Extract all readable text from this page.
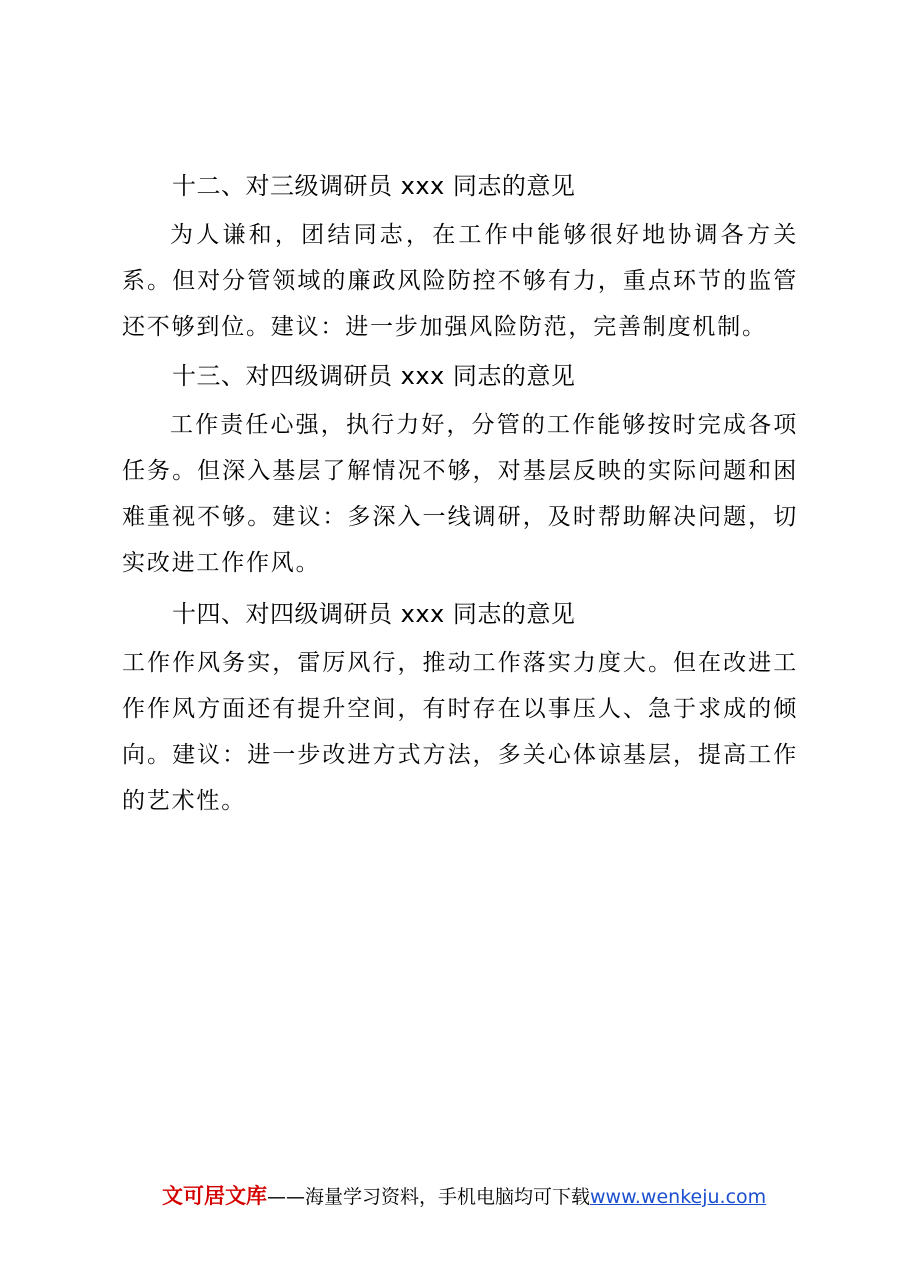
十二、对三级调研员 xxx 同志的意见

为人谦和，团结同志，在工作中能够很好地协调各方关系。但对分管领域的廉政风险防控不够有力，重点环节的监管还不够到位。建议：进一步加强风险防范，完善制度机制。

十三、对四级调研员 xxx 同志的意见

工作责任心强，执行力好，分管的工作能够按时完成各项任务。但深入基层了解情况不够，对基层反映的实际问题和困难重视不够。建议：多深入一线调研，及时帮助解决问题，切实改进工作作风。

十四、对四级调研员 xxx 同志的意见

工作作风务实，雷厉风行，推动工作落实力度大。但在改进工作作风方面还有提升空间，有时存在以事压人、急于求成的倾向。建议：进一步改进方式方法，多关心体谅基层，提高工作的艺术性。

文可居文库——海量学习资料，手机电脑均可下载www.wenkeju.com
